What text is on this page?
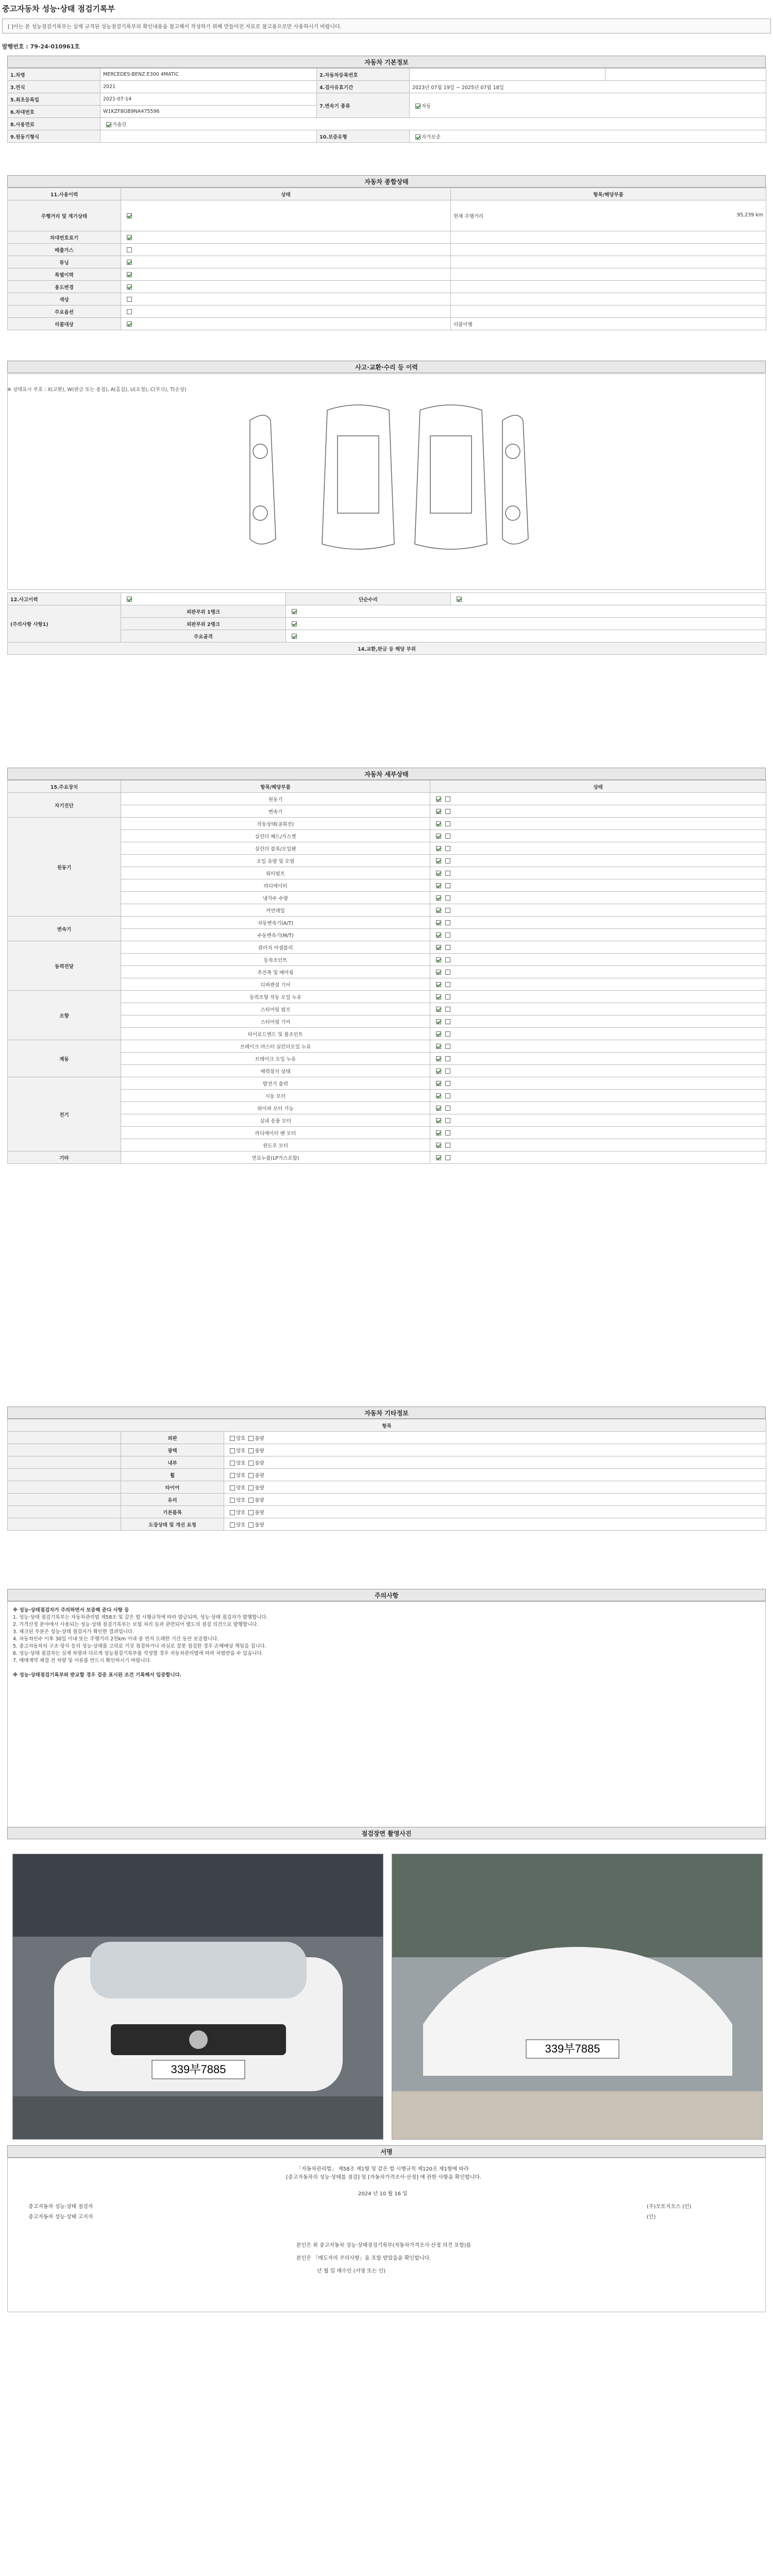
중고자동차 성능·상태 점검기록부
[ ]이는 본 성능점검기록부는 실제 규격된 성능점검기록부의 확인내용을 참고해서 작성하기 위해 만들어진 자료로 참고용으로만 사용하시기 바랍니다.
발행번호 : 79-24-010961호
자동차 기본정보
1.차명	MERCEDES-BENZ E300 4MATIC	2.자동차등록번호		
3.연식	2021	4.검사유효기간	2023년 07월 19일 ~ 2025년 07월 18일	
5.최초등록일	2021-07-14	7.변속기 종류	자동	
6.차대번호	W1KZF8GB9NA475596			
8.사용연료	가솔린			
9.원동기형식		10.보증유형	자가보증	
자동차 종합상태
11.사용이력	상태	항목/해당부품
주행거리 및 계기상태		현재 주행거리 95,239 km

차대번호표기		
배출가스		
튜닝		
특별이력		
용도변경		
색상		
주요옵션		
리콜대상		리콜이행
사고·교환·수리 등 이력
※ 상태표시 부호 : X(교환), W(판금 또는 용접), A(흠집), U(요철), C(부식), T(손상)
12.사고이력		단순수리	
(주의사항 사항1)	외판부위 1랭크		
	외판부위 2랭크		
	주요골격		
14.교환,판금 등 해당 부위			
자동차 세부상태
자동차 기타정보
주의사항
※ 성능·상태점검자가 주의하면서 보증해 준다 사항 등
1. 성능·상태 점검기록부는 자동차관리법 제58조 및 같은 법 시행규칙에 따라 발급되며, 성능·상태 점검자가 발행합니다.
2. 가격산정 분야에서 사용되는 성능·상태 점검기록부는 보험 처리 등과 관련되어 별도의 점검 의견으로 발행합니다.
3. 체크된 부분은 성능·상태 점검자가 확인한 결과입니다.
4. 자동차인수 이후 30일 이내 또는 주행거리 2천km 이내 중 먼저 도래한 기간 동안 보증합니다.
5. 중고자동차의 구조·장치 등의 성능·상태를 고의로 거짓 점검하거나 과실로 잘못 점검한 경우 손해배상 책임을 집니다.
6. 성능·상태 점검자는 실제 차량과 다르게 성능점검기록부를 작성할 경우 자동차관리법에 따라 처벌받을 수 있습니다.
7. 매매계약 체결 전 차량 및 서류를 반드시 확인하시기 바랍니다.
※ 성능·상태점검기록부와 받교할 경우 검증 표시된 조건 기록해서 입증합니다.
점검장면 촬영사진
339부7885
339부7885
서명

「자동차관리법」 제58조 제1항 및 같은 법 시행규칙 제120조 제1항에 따라

[중고자동차의 성능·상태를 점검] 및 [자동차가격조사·산정] 에 관한 사항을 확인합니다.

2024 년 10 월 16 일

중고자동차 성능·상태 점검자	(주)모토지오스 (인)

중고자동차 성능·상태 고지자	(인)

본인은 위 중고자동차 성능·상태점검기록부(자동차가격조사·산정 의견 포함)를

본인은 「매도자의 주의사항」을 포함 받았음을 확인합니다.

년 월 일 매수인 (서명 또는 인)

15.주요장치	항목/해당부품	상태
자기진단	원동기	
	변속기	
원동기	작동상태(공회전)	
	실린더 헤드/가스켓	
	실린더 블록/오일팬	
	오일 유량 및 오염	
	워터펌프	
	라디에이터	
	냉각수 수량	
	커먼레일	
변속기	자동변속기(A/T)	
	수동변속기(M/T)	
동력전달	클러치 어셈블리	
	등속조인트	
	추진축 및 베어링	
	디퍼렌셜 기어	
조향	동력조향 작동 오일 누유	
	스티어링 펌프	
	스티어링 기어	
	타이로드엔드 및 볼조인트	
제동	브레이크 마스터 실린더오일 누유	
	브레이크 오일 누유	
	배력장치 상태	
전기	발전기 출력	
	시동 모터	
	와이퍼 모터 기능	
	실내 송풍 모터	
	라디에이터 팬 모터	
	윈도우 모터	
기타	연료누출(LP가스포함)	
항목		
	외판	양호 불량
	광택	양호 불량
	내부	양호 불량
	휠	양호 불량
	타이어	양호 불량
	유리	양호 불량
	기본품목	양호 불량
	도장상태 및 개선 요청	양호 불량
